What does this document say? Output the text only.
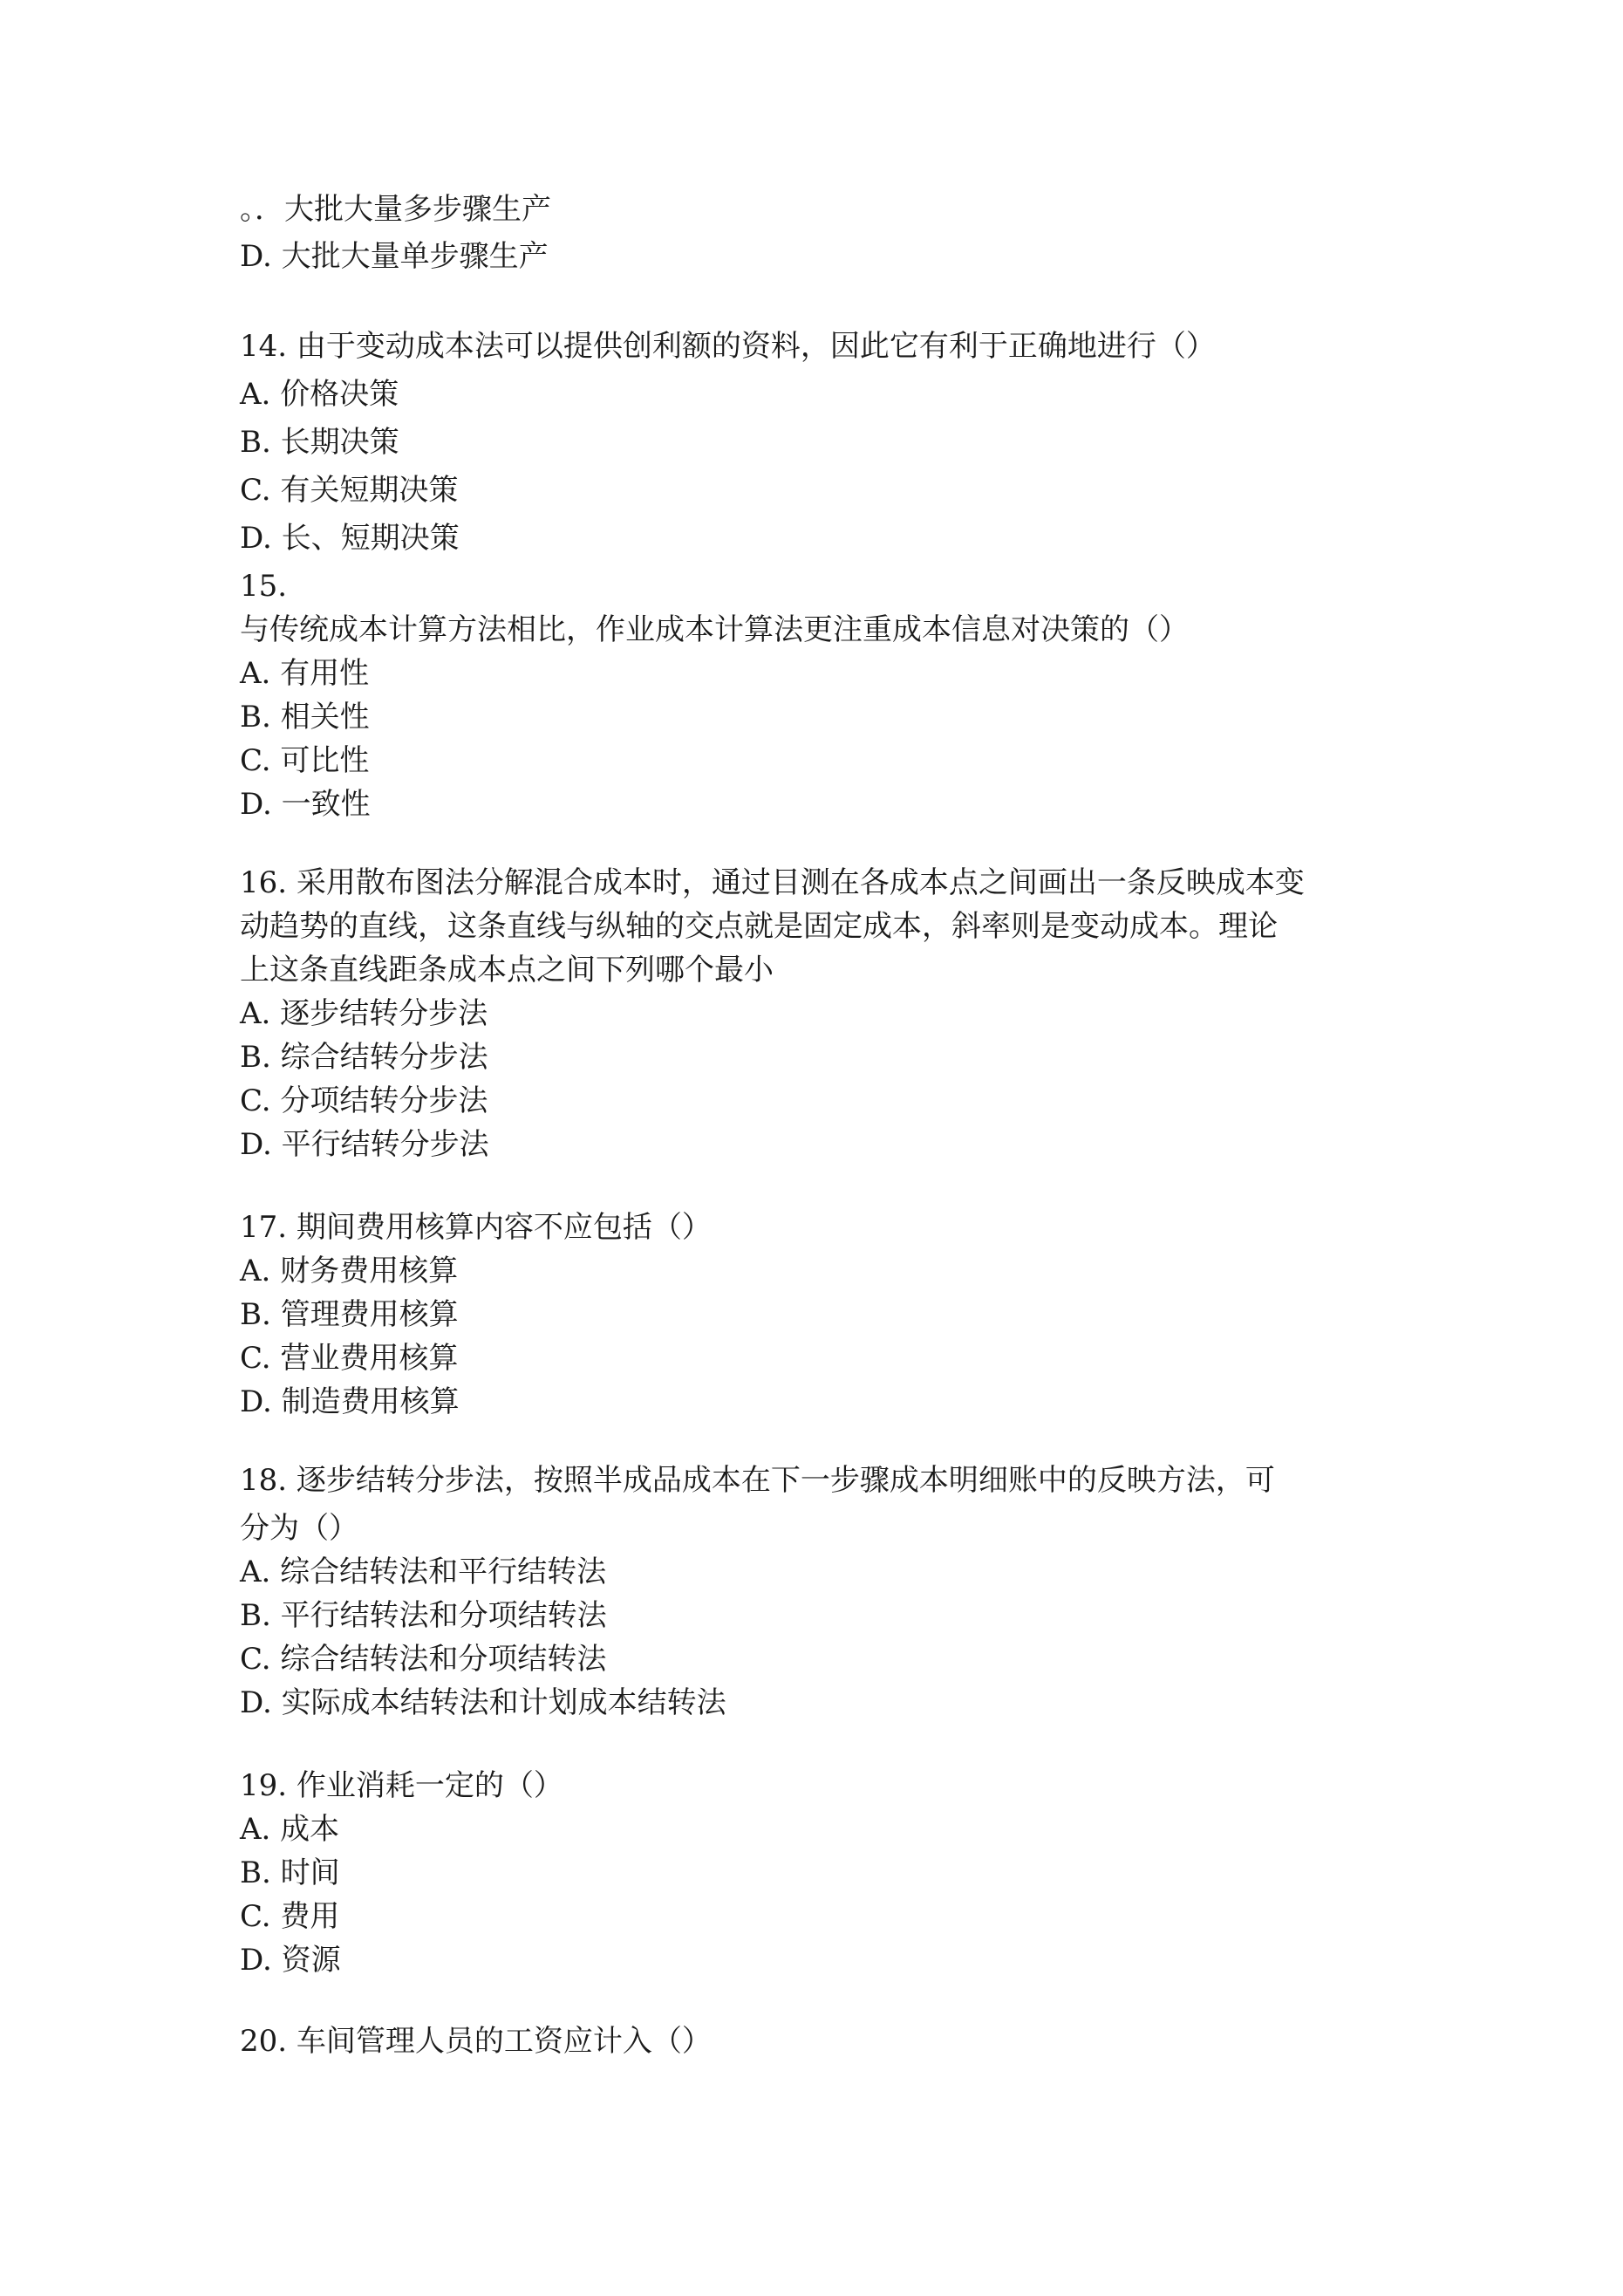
。．大批大量多步骤生产
D. 大批大量单步骤生产
14. 由于变动成本法可以提供创利额的资料，因此它有利于正确地进行（）
A. 价格决策
B. 长期决策
C. 有关短期决策
D. 长、短期决策
15.
与传统成本计算方法相比，作业成本计算法更注重成本信息对决策的（）
A. 有用性
B. 相关性
C. 可比性
D. 一致性
16. 采用散布图法分解混合成本时，通过目测在各成本点之间画出一条反映成本变
动趋势的直线，这条直线与纵轴的交点就是固定成本，斜率则是变动成本。理论
上这条直线距条成本点之间下列哪个最小
A. 逐步结转分步法
B. 综合结转分步法
C. 分项结转分步法
D. 平行结转分步法
17. 期间费用核算内容不应包括（）
A. 财务费用核算
B. 管理费用核算
C. 营业费用核算
D. 制造费用核算
18. 逐步结转分步法，按照半成品成本在下一步骤成本明细账中的反映方法，可
分为（）
A. 综合结转法和平行结转法
B. 平行结转法和分项结转法
C. 综合结转法和分项结转法
D. 实际成本结转法和计划成本结转法
19. 作业消耗一定的（）
A. 成本
B. 时间
C. 费用
D. 资源
20. 车间管理人员的工资应计入（）
